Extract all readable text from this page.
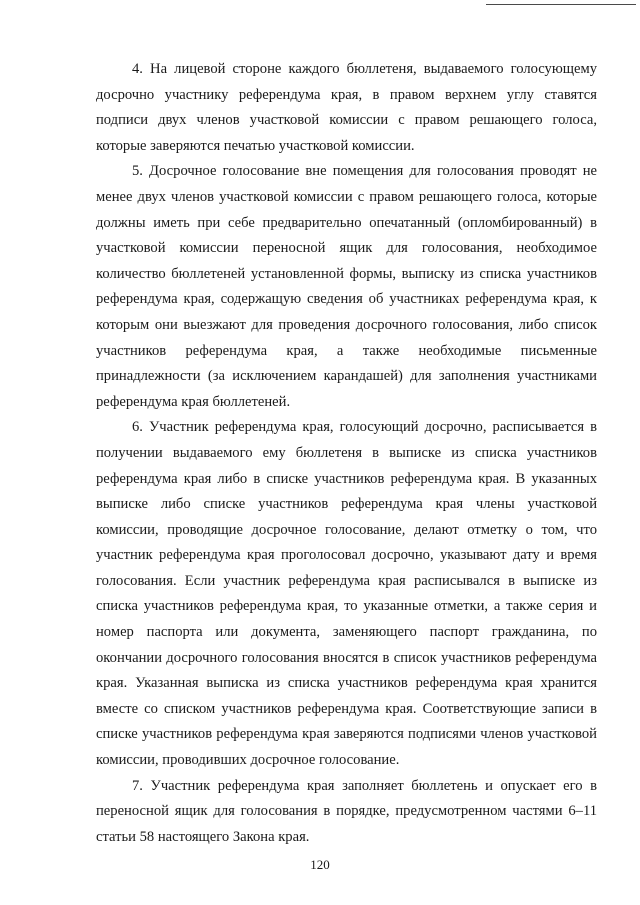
4. На лицевой стороне каждого бюллетеня, выдаваемого голосующему досрочно участнику референдума края, в правом верхнем углу ставятся подписи двух членов участковой комиссии с правом решающего голоса, которые заверяются печатью участковой комиссии.

5. Досрочное голосование вне помещения для голосования проводят не менее двух членов участковой комиссии с правом решающего голоса, которые должны иметь при себе предварительно опечатанный (опломбированный) в участковой комиссии переносной ящик для голосования, необходимое количество бюллетеней установленной формы, выписку из списка участников референдума края, содержащую сведения об участниках референдума края, к которым они выезжают для проведения досрочного голосования, либо список участников референдума края, а также необходимые письменные принадлежности (за исключением карандашей) для заполнения участниками референдума края бюллетеней.

6. Участник референдума края, голосующий досрочно, расписывается в получении выдаваемого ему бюллетеня в выписке из списка участников референдума края либо в списке участников референдума края. В указанных выписке либо списке участников референдума края члены участковой комиссии, проводящие досрочное голосование, делают отметку о том, что участник референдума края проголосовал досрочно, указывают дату и время голосования. Если участник референдума края расписывался в выписке из списка участников референдума края, то указанные отметки, а также серия и номер паспорта или документа, заменяющего паспорт гражданина, по окончании досрочного голосования вносятся в список участников референдума края. Указанная выписка из списка участников референдума края хранится вместе со списком участников референдума края. Соответствующие записи в списке участников референдума края заверяются подписями членов участковой комиссии, проводивших досрочное голосование.

7. Участник референдума края заполняет бюллетень и опускает его в переносной ящик для голосования в порядке, предусмотренном частями 6–11 статьи 58 настоящего Закона края.

120
